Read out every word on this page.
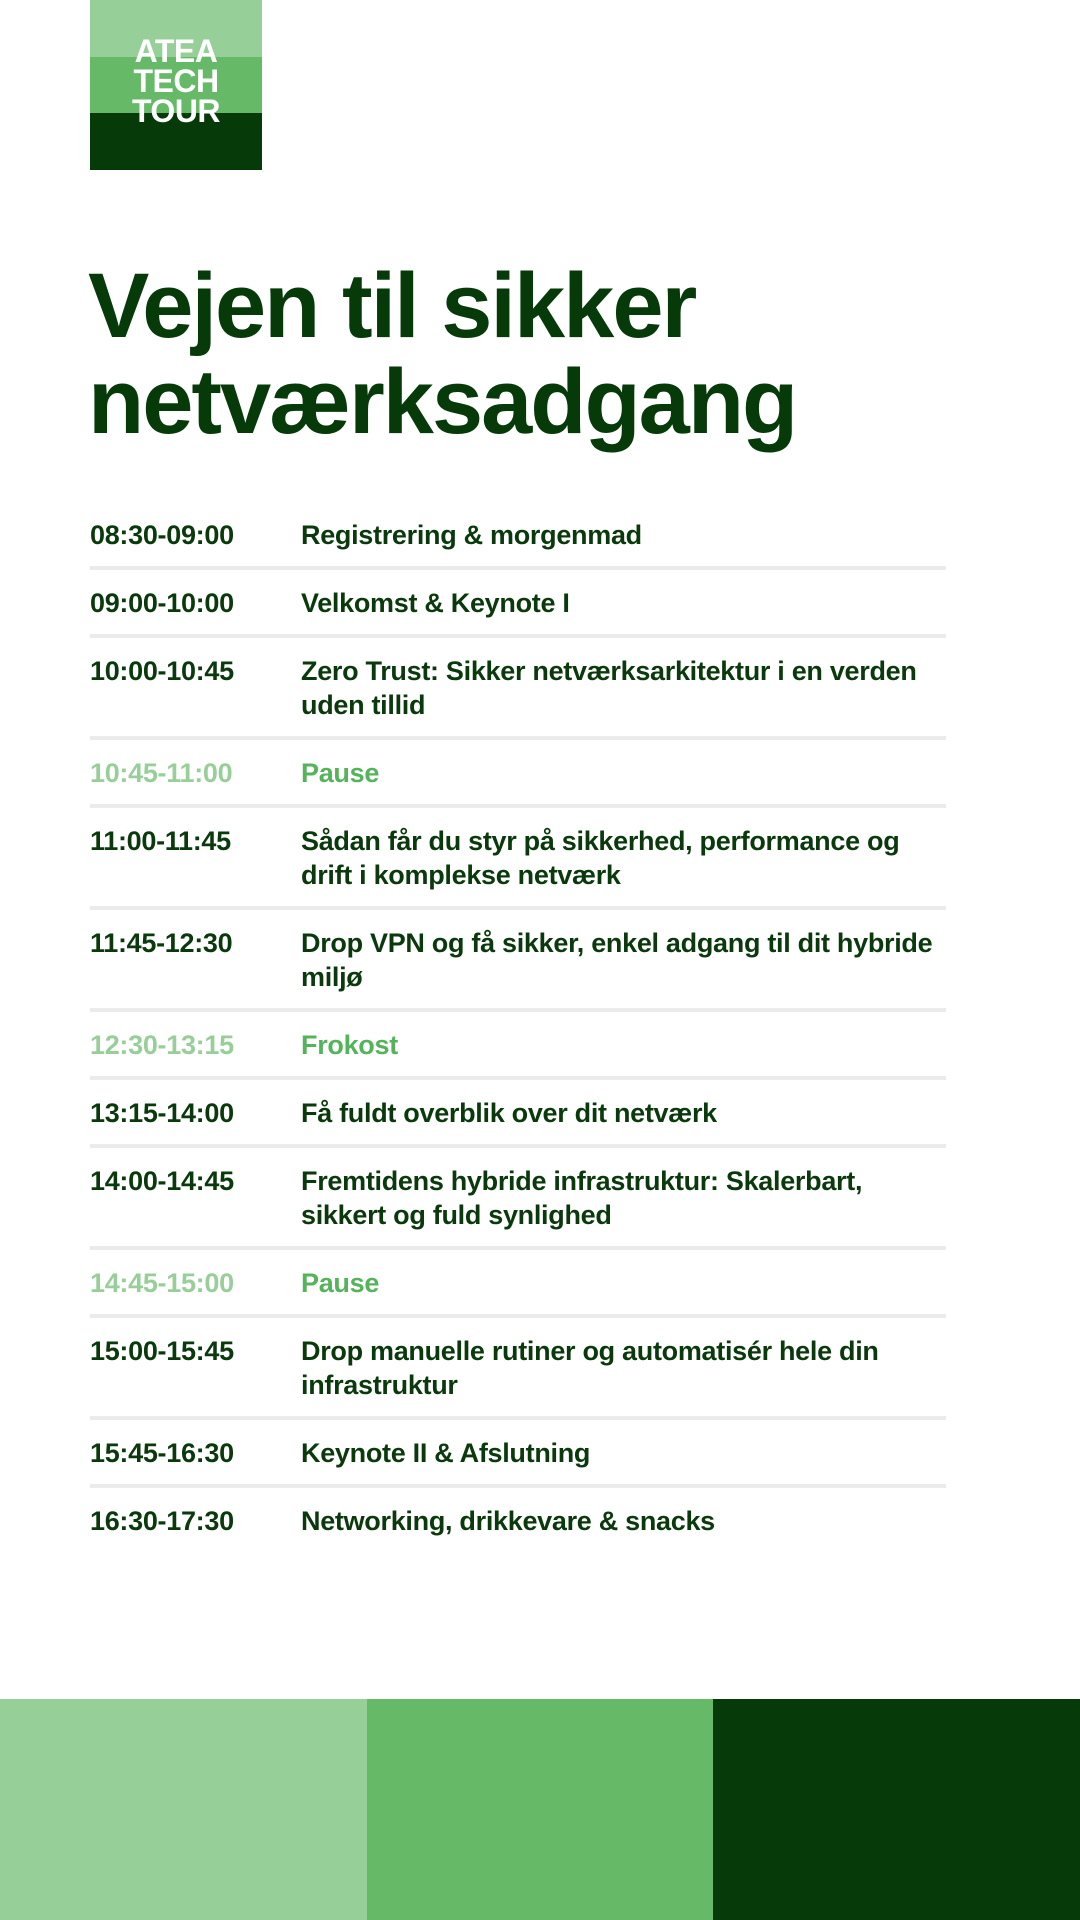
ATEA
TECH
TOUR
Vejen til sikker
netværksadgang
08:30-09:00	Registrering & morgenmad
09:00-10:00	Velkomst & Keynote I
10:00-10:45	Zero Trust: Sikker netværksarkitektur i en verden uden tillid
10:45-11:00	Pause
11:00-11:45	Sådan får du styr på sikkerhed, performance og drift i komplekse netværk
11:45-12:30	Drop VPN og få sikker, enkel adgang til dit hybride miljø
12:30-13:15	Frokost
13:15-14:00	Få fuldt overblik over dit netværk
14:00-14:45	Fremtidens hybride infrastruktur: Skalerbart, sikkert og fuld synlighed
14:45-15:00	Pause
15:00-15:45	Drop manuelle rutiner og automatisér hele din infrastruktur
15:45-16:30	Keynote II & Afslutning
16:30-17:30	Networking, drikkevare & snacks
